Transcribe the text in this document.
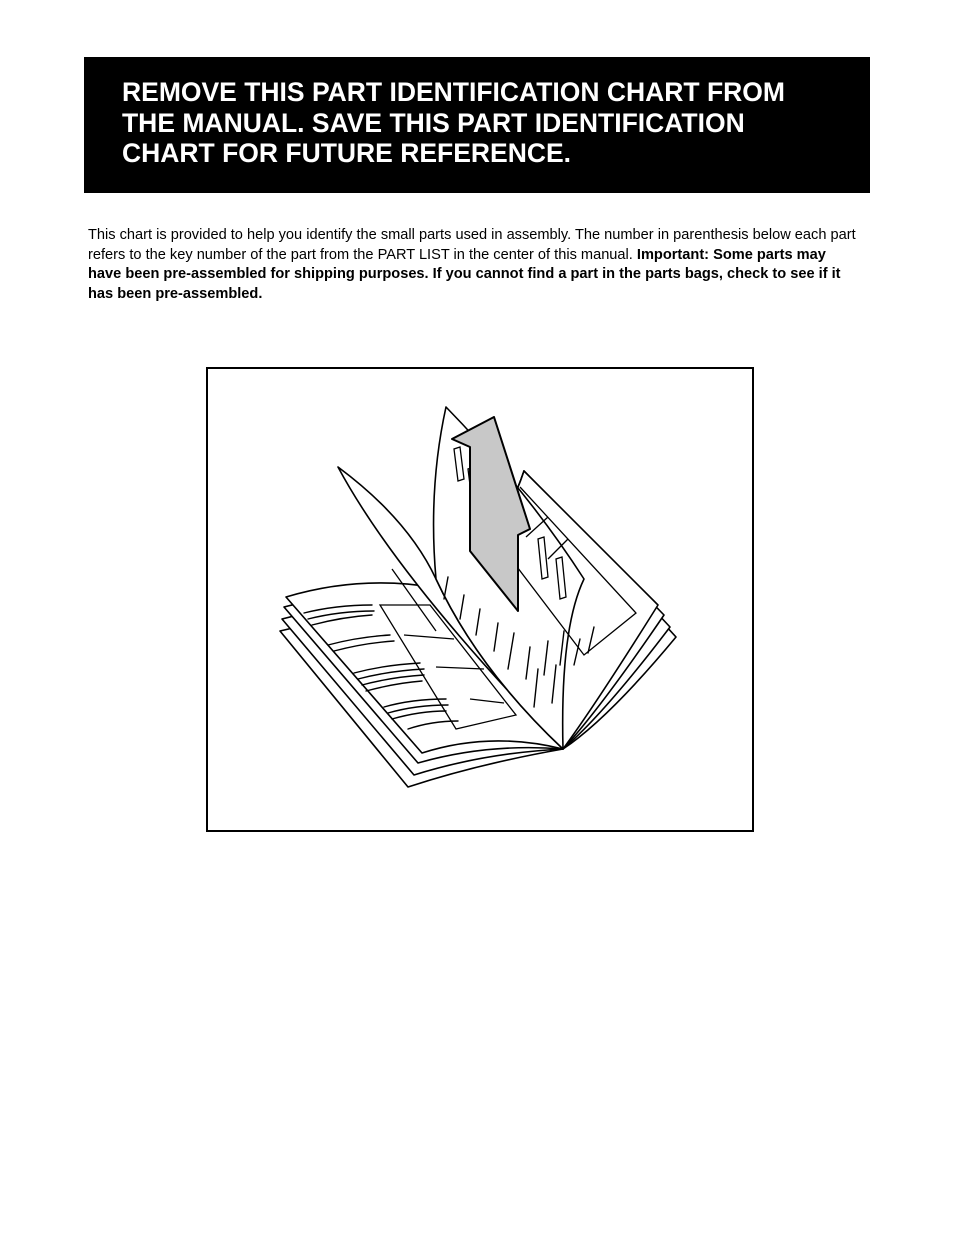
REMOVE THIS PART IDENTIFICATION CHART FROM
THE MANUAL. SAVE THIS PART IDENTIFICATION
CHART FOR FUTURE REFERENCE.

This chart is provided to help you identify the small parts used in assembly. The number in parenthesis below each part refers to the key number of the part from the PART LIST in the center of this manual. Important: Some parts may have been pre-assembled for shipping purposes. If you cannot find a part in the parts bags, check to see if it has been pre-assembled.
